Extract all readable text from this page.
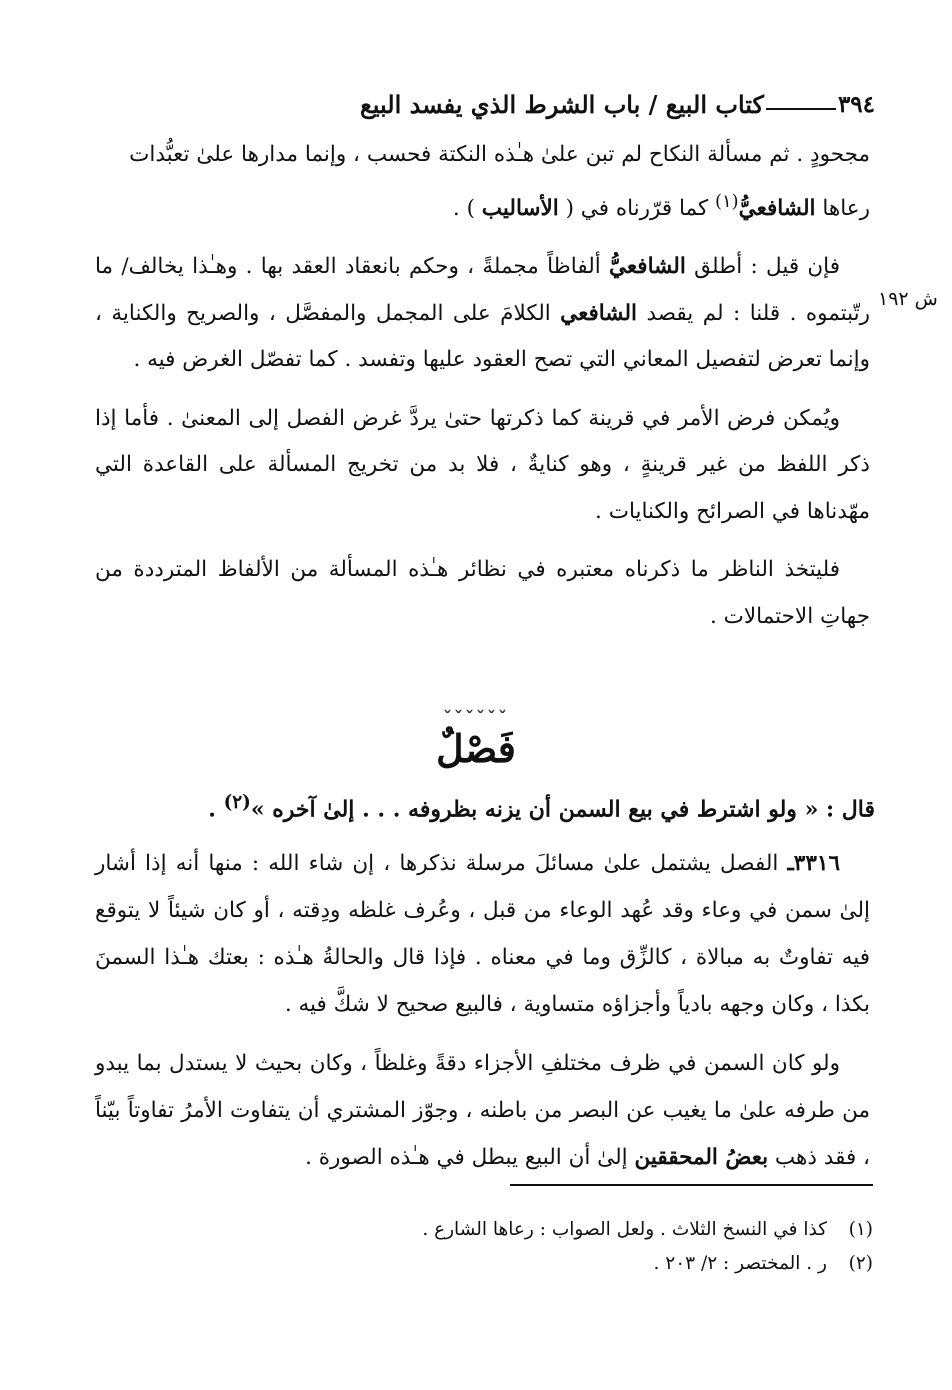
٣٩٤
كتاب البيع / باب الشرط الذي يفسد البيع
ش ١٩٢

مجحودٍ . ثم مسألة النكاح لم تبن علىٰ هـٰذه النكتة فحسب ، وإنما مدارها علىٰ تعبُّدات
رعاها الشافعيُّ$^{(١)}$ كما قرّرناه في ( الأساليب ) .

فإن قيل : أطلق الشافعيُّ ألفاظاً مجملةً ، وحكم بانعقاد العقد بها . وهـٰذا يخالف/ ما رتّبتموه . قلنا : لم يقصد الشافعي الكلامَ على المجمل والمفصَّل ، والصريح والكناية ، وإنما تعرض لتفصيل المعاني التي تصح العقود عليها وتفسد . كما تفصّل الغرض فيه .

ويُمكن فرض الأمر في قرينة كما ذكرتها حتىٰ يردَّ غرض الفصل إلى المعنىٰ . فأما إذا ذكر اللفظ من غير قرينةٍ ، وهو كنايةٌ ، فلا بد من تخريج المسألة على القاعدة التي مهّدناها في الصرائح والكنايات .

فليتخذ الناظر ما ذكرناه معتبره في نظائر هـٰذه المسألة من الألفاظ المترددة من جهاتِ الاحتمالات .

ˇˇˇˇˇˇ
فَصْلٌ
قال : « ولو اشترط في بيع السمن أن يزنه بظروفه . . . إلىٰ آخره »$^{(٢)}$ .

٣٣١٦ـ الفصل يشتمل علىٰ مسائلَ مرسلة نذكرها ، إن شاء الله : منها أنه إذا أشار إلىٰ سمن في وعاء وقد عُهد الوعاء من قبل ، وعُرف غلظه ودِقته ، أو كان شيئاً لا يتوقع فيه تفاوتٌ به مبالاة ، كالزِّق وما في معناه . فإذا قال والحالةُ هـٰذه : بعتك هـٰذا السمنَ بكذا ، وكان وجهه بادياً وأجزاؤه متساوية ، فالبيع صحيح لا شكَّ فيه .

ولو كان السمن في ظرف مختلفِ الأجزاء دقةً وغلظاً ، وكان بحيث لا يستدل بما يبدو من طرفه علىٰ ما يغيب عن البصر من باطنه ، وجوّز المشتري أن يتفاوت الأمرُ تفاوتاً بيّناً ، فقد ذهب بعضُ المحققين إلىٰ أن البيع يبطل في هـٰذه الصورة .

(١)
كذا في النسخ الثلاث . ولعل الصواب : رعاها الشارع .
(٢)
ر . المختصر : ٢/ ٢٠٣ .
